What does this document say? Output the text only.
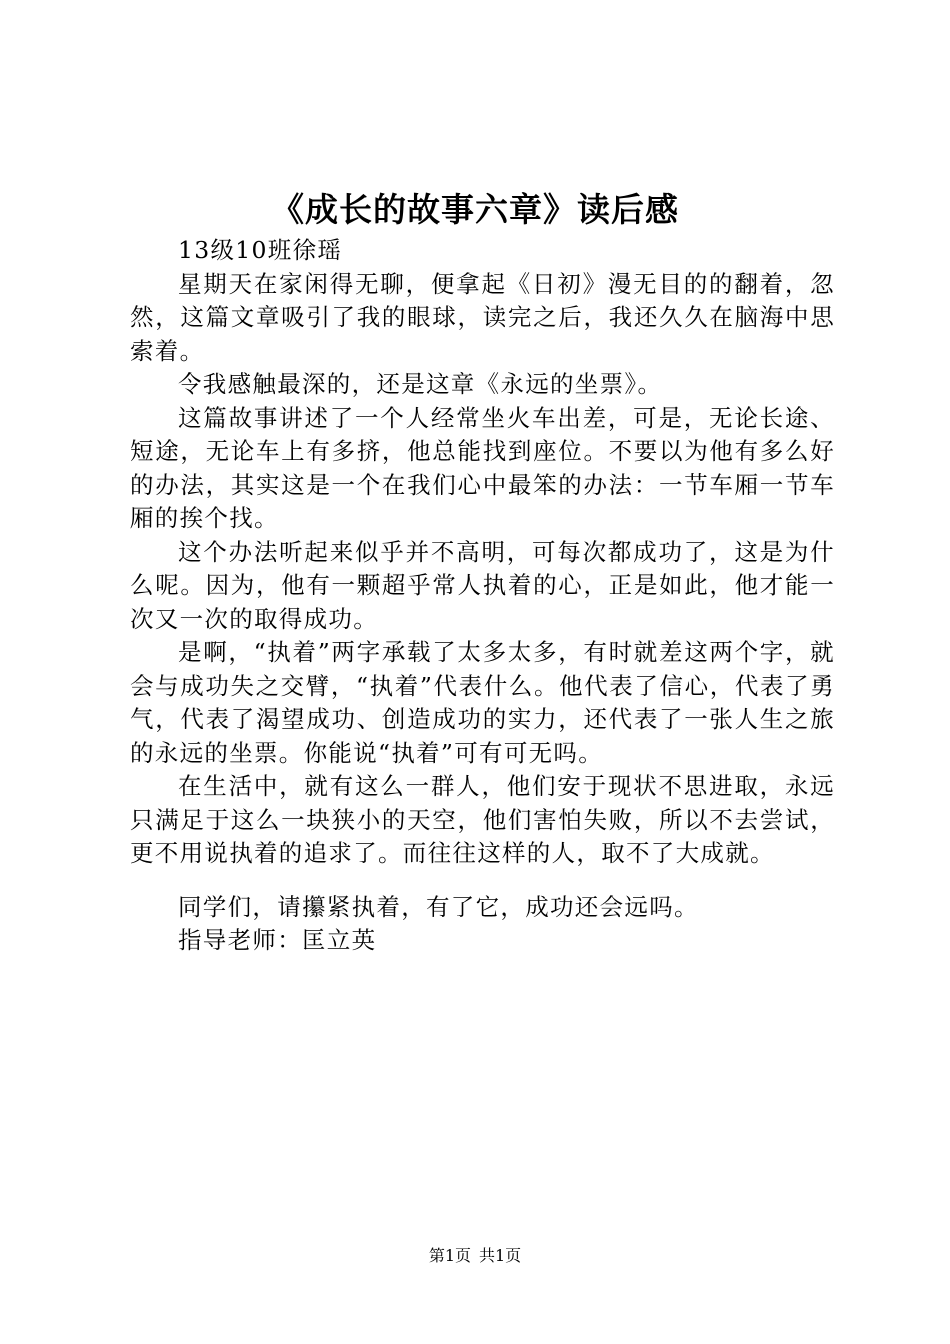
《成长的故事六章》读后感

13级10班徐瑶

星期天在家闲得无聊，便拿起《日初》漫无目的的翻着，忽然，这篇文章吸引了我的眼球，读完之后，我还久久在脑海中思索着。

令我感触最深的，还是这章《永远的坐票》。

这篇故事讲述了一个人经常坐火车出差，可是，无论长途、短途，无论车上有多挤，他总能找到座位。不要以为他有多么好的办法，其实这是一个在我们心中最笨的办法：一节车厢一节车厢的挨个找。

这个办法听起来似乎并不高明，可每次都成功了，这是为什么呢。因为，他有一颗超乎常人执着的心，正是如此，他才能一次又一次的取得成功。

是啊，“执着”两字承载了太多太多，有时就差这两个字，就会与成功失之交臂，“执着”代表什么。他代表了信心，代表了勇气，代表了渴望成功、创造成功的实力，还代表了一张人生之旅的永远的坐票。你能说“执着”可有可无吗。

在生活中，就有这么一群人，他们安于现状不思进取，永远只满足于这么一块狭小的天空，他们害怕失败，所以不去尝试，更不用说执着的追求了。而往往这样的人，取不了大成就。

同学们，请攥紧执着，有了它，成功还会远吗。

指导老师：匡立英

第1页 共1页
